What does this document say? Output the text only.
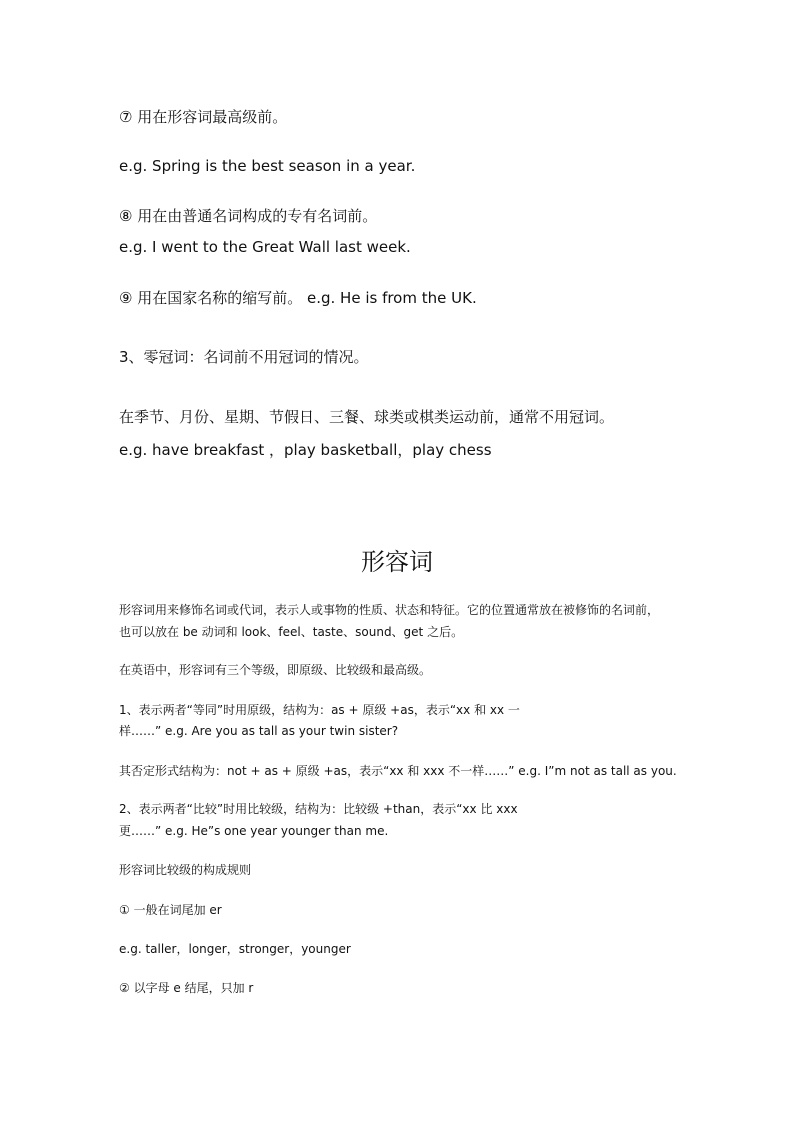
⑦ 用在形容词最高级前。
e.g. Spring is the best season in a year.
⑧ 用在由普通名词构成的专有名词前。
e.g. I went to the Great Wall last week.
⑨ 用在国家名称的缩写前。 e.g. He is from the UK.
3、零冠词：名词前不用冠词的情况。
在季节、月份、星期、节假日、三餐、球类或棋类运动前，通常不用冠词。
e.g. have breakfast ，play basketball，play chess
形容词
形容词用来修饰名词或代词，表示人或事物的性质、状态和特征。它的位置通常放在被修饰的名词前，
也可以放在 be 动词和 look、feel、taste、sound、get 之后。
在英语中，形容词有三个等级，即原级、比较级和最高级。
1、表示两者“等同”时用原级，结构为：as + 原级 +as，表示“xx 和 xx 一
样……” e.g. Are you as tall as your twin sister?
其否定形式结构为：not + as + 原级 +as，表示“xx 和 xxx 不一样……” e.g. I”m not as tall as you.
2、表示两者“比较”时用比较级，结构为：比较级 +than，表示“xx 比 xxx
更……” e.g. He”s one year younger than me.
形容词比较级的构成规则
① 一般在词尾加 er
e.g. taller，longer，stronger，younger
② 以字母 e 结尾，只加 r
